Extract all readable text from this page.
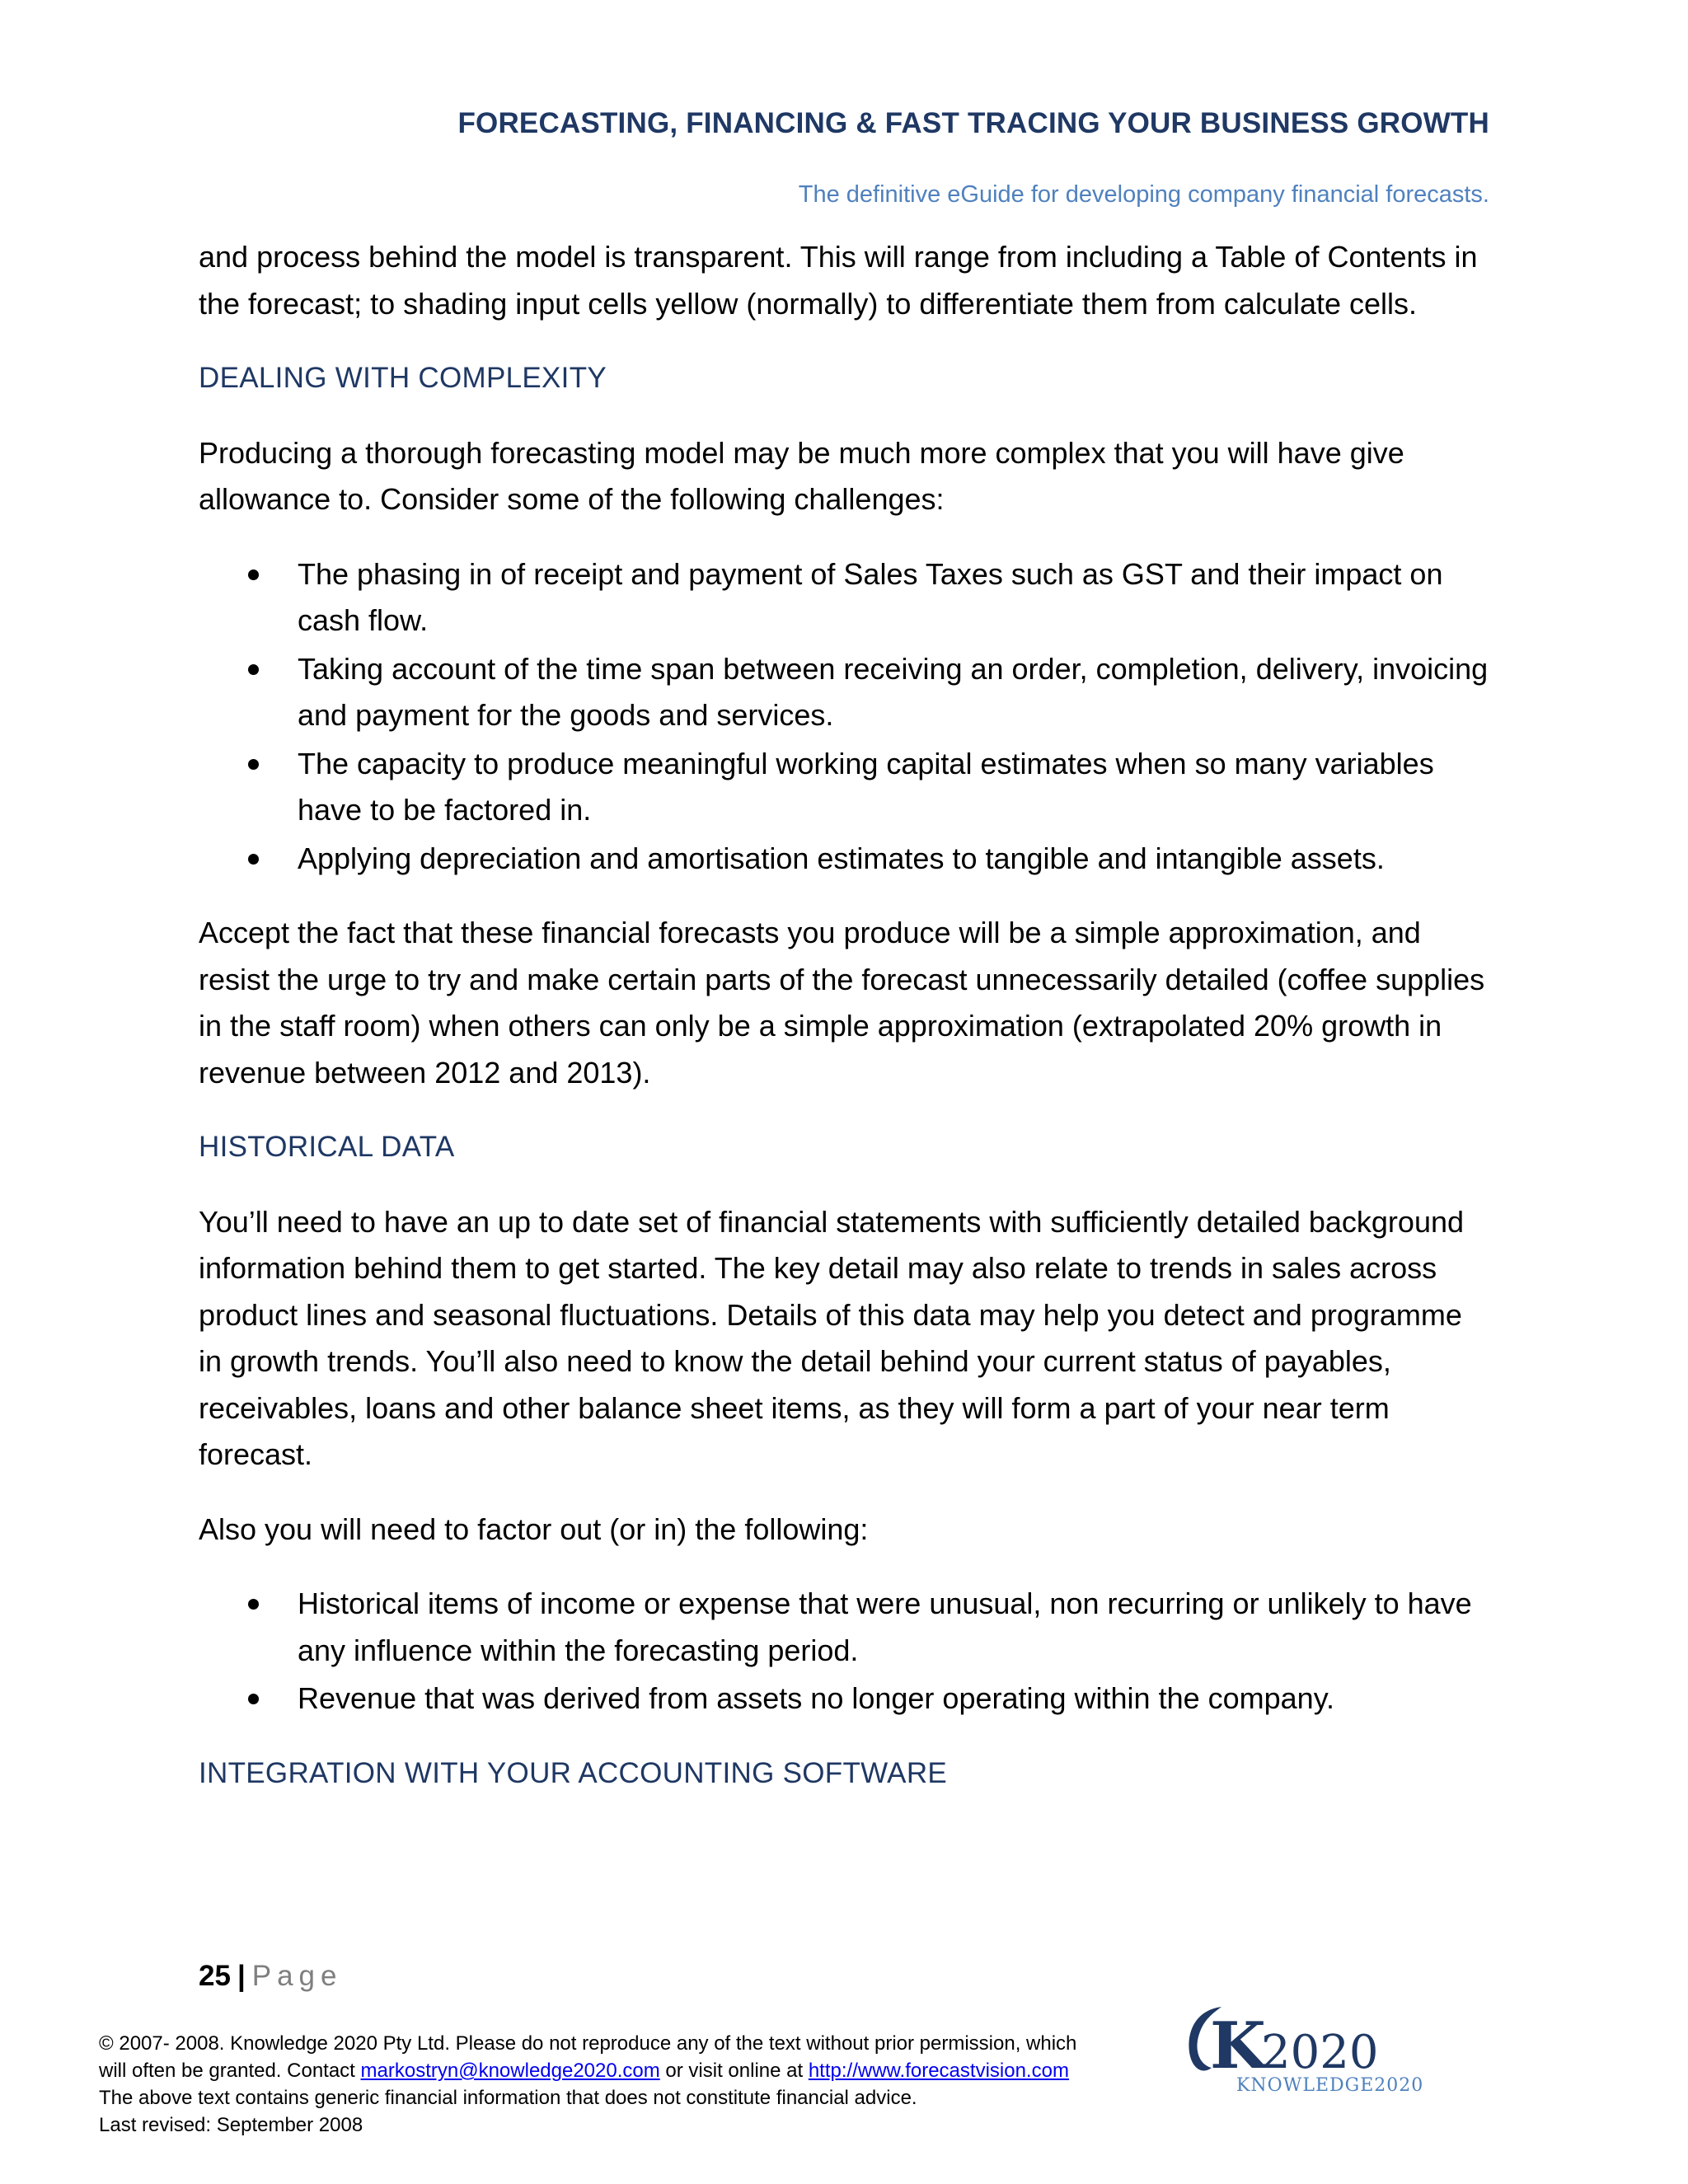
FORECASTING, FINANCING & FAST TRACING YOUR BUSINESS GROWTH
The definitive eGuide for developing company financial forecasts.

and process behind the model is transparent. This will range from including a Table of Contents in the forecast; to shading input cells yellow (normally) to differentiate them from calculate cells.

DEALING WITH COMPLEXITY

Producing a thorough forecasting model may be much more complex that you will have give allowance to. Consider some of the following challenges:

The phasing in of receipt and payment of Sales Taxes such as GST and their impact on cash flow.
Taking account of the time span between receiving an order, completion, delivery, invoicing and payment for the goods and services.
The capacity to produce meaningful working capital estimates when so many variables have to be factored in.
Applying depreciation and amortisation estimates to tangible and intangible assets.

Accept the fact that these financial forecasts you produce will be a simple approximation, and resist the urge to try and make certain parts of the forecast unnecessarily detailed (coffee supplies in the staff room) when others can only be a simple approximation (extrapolated 20% growth in revenue between 2012 and 2013).

HISTORICAL DATA

You’ll need to have an up to date set of financial statements with sufficiently detailed background information behind them to get started. The key detail may also relate to trends in sales across product lines and seasonal fluctuations. Details of this data may help you detect and programme in growth trends. You’ll also need to know the detail behind your current status of payables, receivables, loans and other balance sheet items, as they will form a part of your near term forecast.

Also you will need to factor out (or in) the following:

Historical items of income or expense that were unusual, non recurring or unlikely to have any influence within the forecasting period.
Revenue that was derived from assets no longer operating within the company.
INTEGRATION WITH YOUR ACCOUNTING SOFTWARE
25 | Page
© 2007- 2008. Knowledge 2020 Pty Ltd. Please do not reproduce any of the text without prior permission, which
will often be granted. Contact markostryn@knowledge2020.com or visit online at http://www.forecastvision.com
The above text contains generic financial information that does not constitute financial advice.
Last revised: September 2008
K
2020
KNOWLEDGE2020
